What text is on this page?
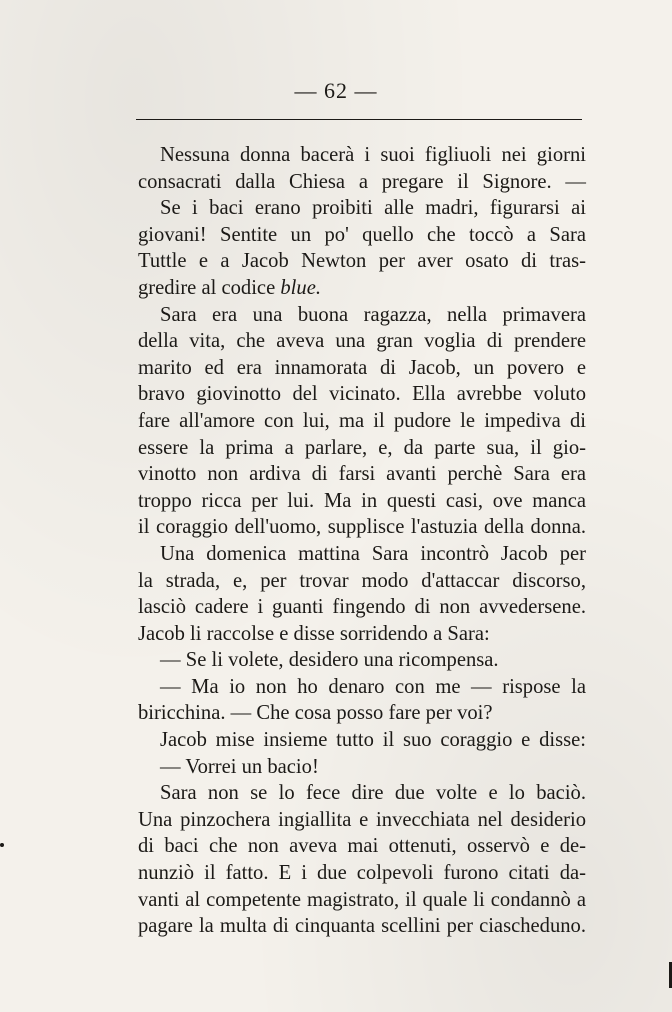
— 62 —
Nessuna donna bacerà i suoi figliuoli nei giorni
consacrati dalla Chiesa a pregare il Signore. —
Se i baci erano proibiti alle madri, figurarsi ai
giovani! Sentite un po' quello che toccò a Sara
Tuttle e a Jacob Newton per aver osato di tras-
gredire al codice blue.
Sara era una buona ragazza, nella primavera
della vita, che aveva una gran voglia di prendere
marito ed era innamorata di Jacob, un povero e
bravo giovinotto del vicinato. Ella avrebbe voluto
fare all'amore con lui, ma il pudore le impediva di
essere la prima a parlare, e, da parte sua, il gio-
vinotto non ardiva di farsi avanti perchè Sara era
troppo ricca per lui. Ma in questi casi, ove manca
il coraggio dell'uomo, supplisce l'astuzia della donna.
Una domenica mattina Sara incontrò Jacob per
la strada, e, per trovar modo d'attaccar discorso,
lasciò cadere i guanti fingendo di non avvedersene.
Jacob li raccolse e disse sorridendo a Sara:
— Se li volete, desidero una ricompensa.
— Ma io non ho denaro con me — rispose la
biricchina. — Che cosa posso fare per voi?
Jacob mise insieme tutto il suo coraggio e disse:
— Vorrei un bacio!
Sara non se lo fece dire due volte e lo baciò.
Una pinzochera ingiallita e invecchiata nel desiderio
di baci che non aveva mai ottenuti, osservò e de-
nunziò il fatto. E i due colpevoli furono citati da-
vanti al competente magistrato, il quale li condannò a
pagare la multa di cinquanta scellini per ciascheduno.
